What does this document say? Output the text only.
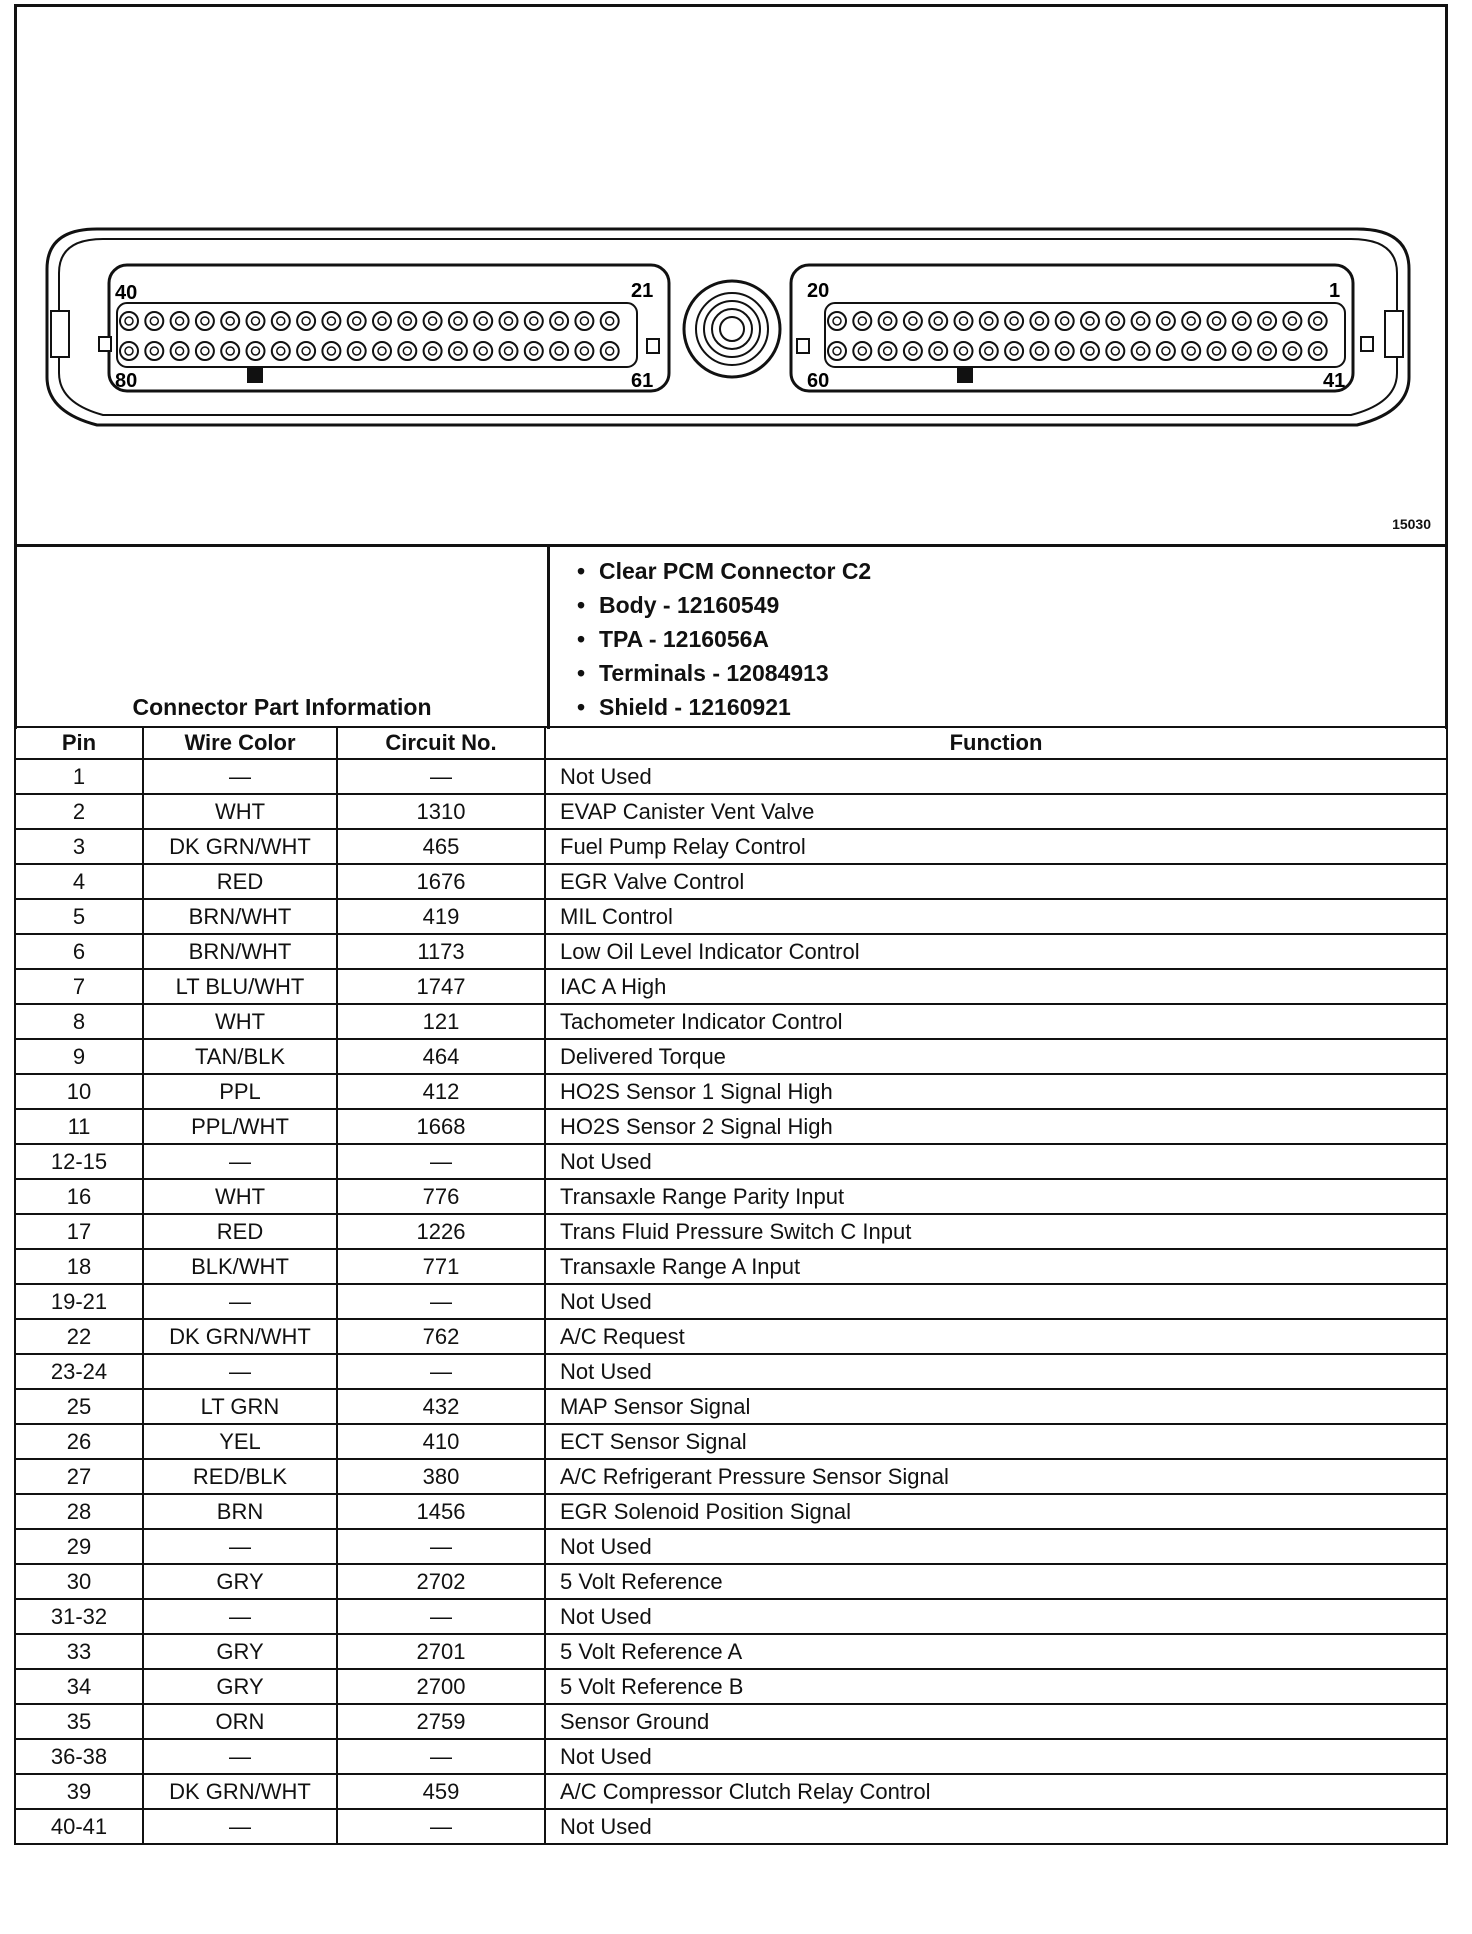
40	21
80	61
20	1
60	41
15030
Connector Part Information
• Clear PCM Connector C2
• Body - 12160549
• TPA - 1216056A
• Terminals - 12084913
• Shield - 12160921
Pin	Wire Color	Circuit No.	Function
1	—	—	Not Used
2	WHT	1310	EVAP Canister Vent Valve
3	DK GRN/WHT	465	Fuel Pump Relay Control
4	RED	1676	EGR Valve Control
5	BRN/WHT	419	MIL Control
6	BRN/WHT	1173	Low Oil Level Indicator Control
7	LT BLU/WHT	1747	IAC A High
8	WHT	121	Tachometer Indicator Control
9	TAN/BLK	464	Delivered Torque
10	PPL	412	HO2S Sensor 1 Signal High
11	PPL/WHT	1668	HO2S Sensor 2 Signal High
12-15	—	—	Not Used
16	WHT	776	Transaxle Range Parity Input
17	RED	1226	Trans Fluid Pressure Switch C Input
18	BLK/WHT	771	Transaxle Range A Input
19-21	—	—	Not Used
22	DK GRN/WHT	762	A/C Request
23-24	—	—	Not Used
25	LT GRN	432	MAP Sensor Signal
26	YEL	410	ECT Sensor Signal
27	RED/BLK	380	A/C Refrigerant Pressure Sensor Signal
28	BRN	1456	EGR Solenoid Position Signal
29	—	—	Not Used
30	GRY	2702	5 Volt Reference
31-32	—	—	Not Used
33	GRY	2701	5 Volt Reference A
34	GRY	2700	5 Volt Reference B
35	ORN	2759	Sensor Ground
36-38	—	—	Not Used
39	DK GRN/WHT	459	A/C Compressor Clutch Relay Control
40-41	—	—	Not Used
